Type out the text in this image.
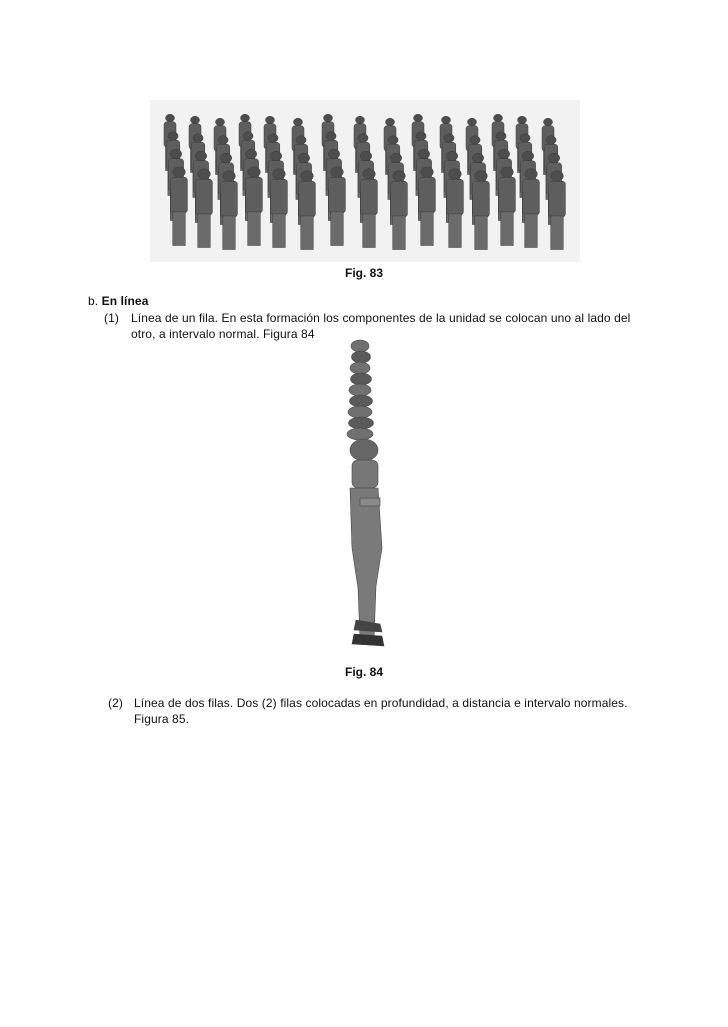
Fig. 83
b. En línea
(1) Línea de un fila. En esta formación los componentes de la unidad se colocan uno al lado del
otro, a intervalo normal. Figura 84
Fig. 84
(2) Línea de dos filas. Dos (2) filas colocadas en profundidad, a distancia e intervalo normales.
Figura 85.
